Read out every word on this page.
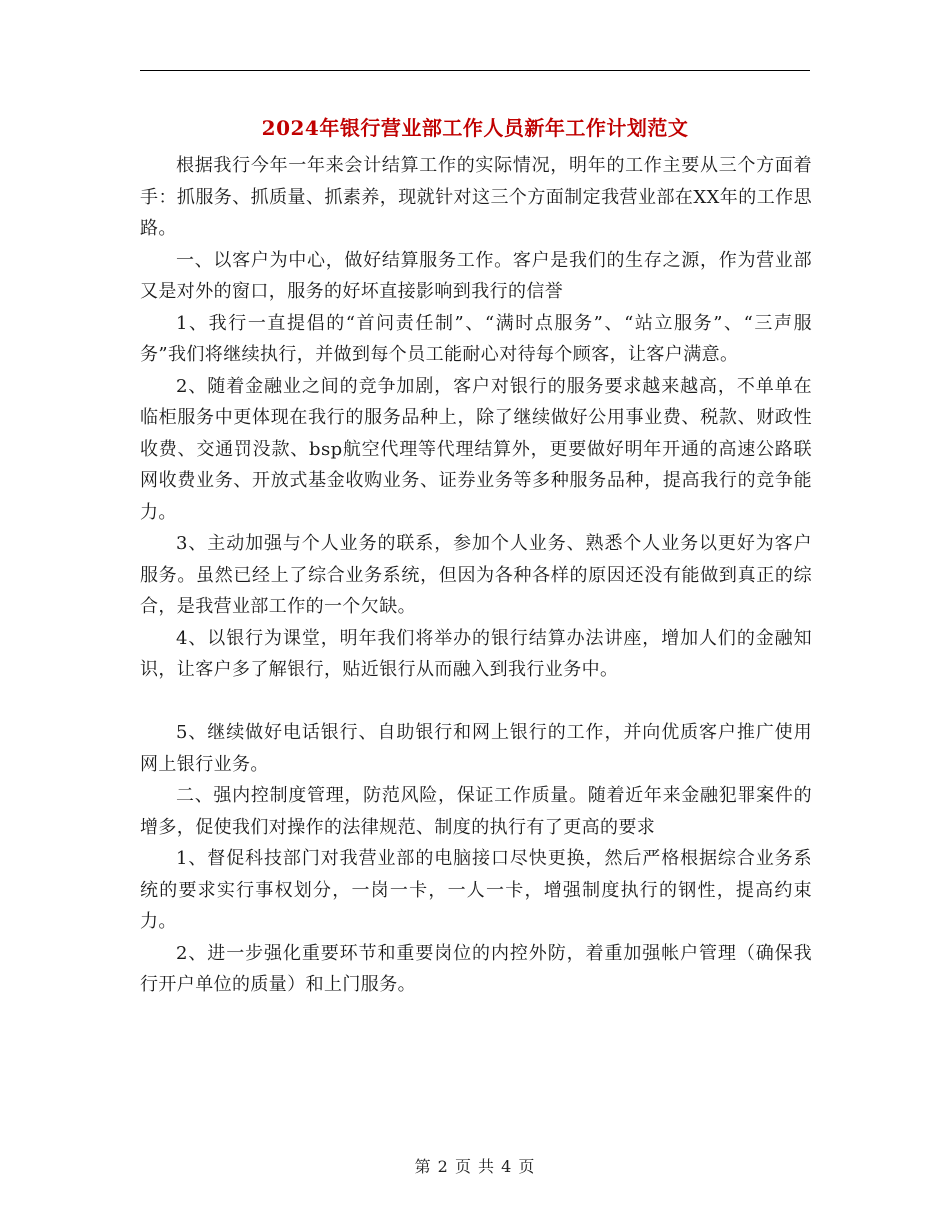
2024年银行营业部工作人员新年工作计划范文

根据我行今年一年来会计结算工作的实际情况，明年的工作主要从三个方面着手：抓服务、抓质量、抓素养，现就针对这三个方面制定我营业部在XX年的工作思路。

一、以客户为中心，做好结算服务工作。客户是我们的生存之源，作为营业部又是对外的窗口，服务的好坏直接影响到我行的信誉

1、我行一直提倡的“首问责任制”、“满时点服务”、“站立服务”、“三声服务”我们将继续执行，并做到每个员工能耐心对待每个顾客，让客户满意。

2、随着金融业之间的竞争加剧，客户对银行的服务要求越来越高，不单单在临柜服务中更体现在我行的服务品种上，除了继续做好公用事业费、税款、财政性收费、交通罚没款、bsp航空代理等代理结算外，更要做好明年开通的高速公路联网收费业务、开放式基金收购业务、证券业务等多种服务品种，提高我行的竞争能力。

3、主动加强与个人业务的联系，参加个人业务、熟悉个人业务以更好为客户服务。虽然已经上了综合业务系统，但因为各种各样的原因还没有能做到真正的综合，是我营业部工作的一个欠缺。

4、以银行为课堂，明年我们将举办的银行结算办法讲座，增加人们的金融知识，让客户多了解银行，贴近银行从而融入到我行业务中。

5、继续做好电话银行、自助银行和网上银行的工作，并向优质客户推广使用网上银行业务。

二、强内控制度管理，防范风险，保证工作质量。随着近年来金融犯罪案件的增多，促使我们对操作的法律规范、制度的执行有了更高的要求

1、督促科技部门对我营业部的电脑接口尽快更换，然后严格根据综合业务系统的要求实行事权划分，一岗一卡，一人一卡，增强制度执行的钢性，提高约束力。

2、进一步强化重要环节和重要岗位的内控外防，着重加强帐户管理（确保我行开户单位的质量）和上门服务。

第 2 页 共 4 页
